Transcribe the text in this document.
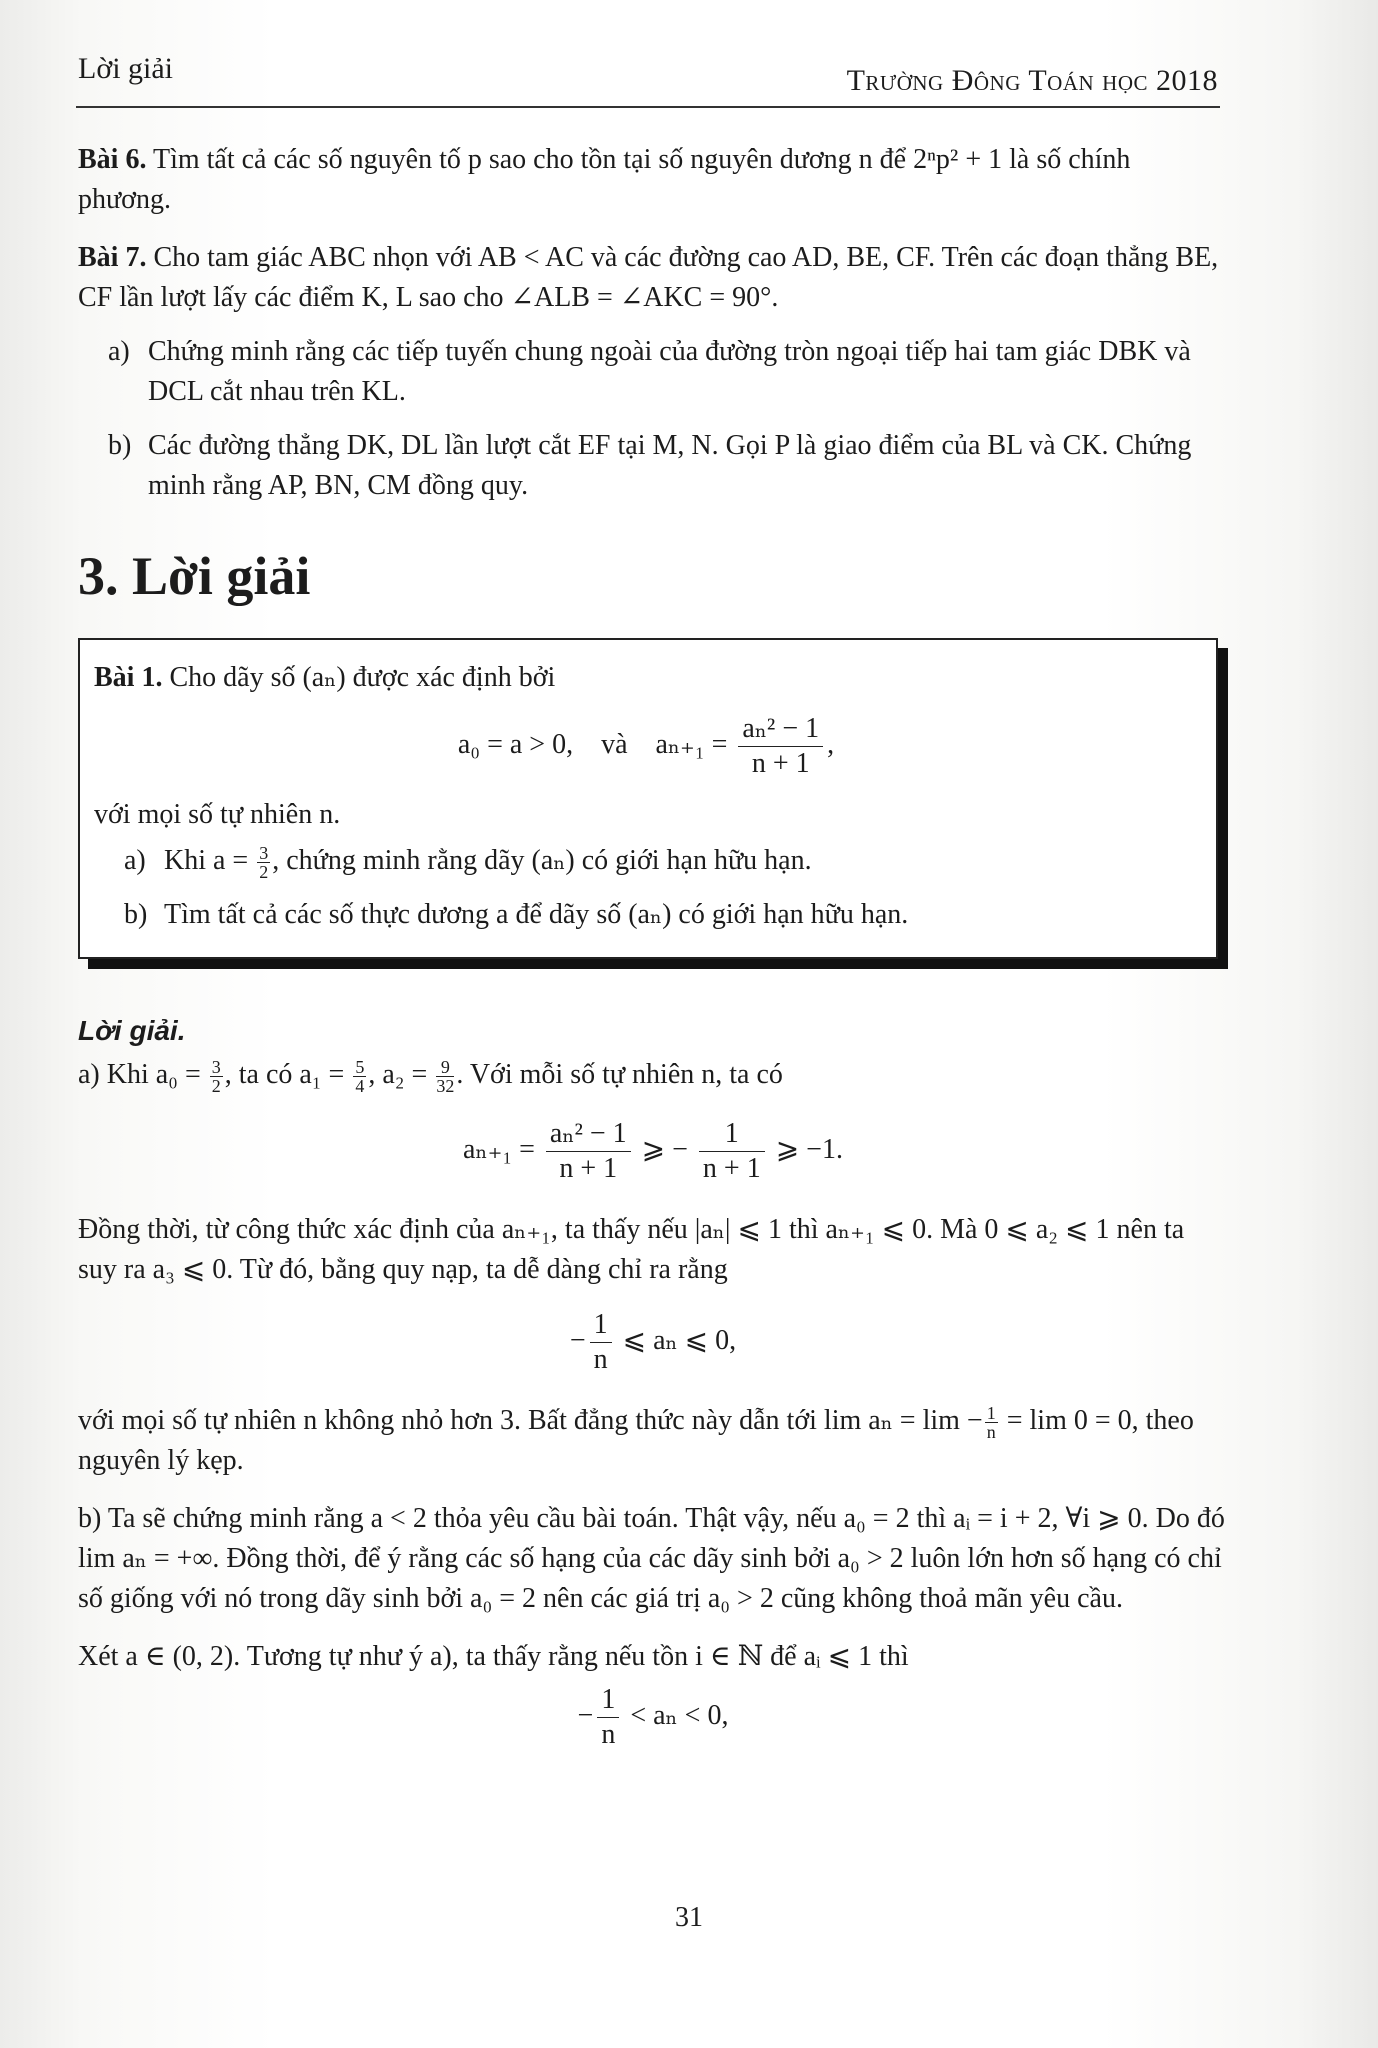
Lời giải	Trường Đông Toán học 2018

Bài 6. Tìm tất cả các số nguyên tố p sao cho tồn tại số nguyên dương n để 2ⁿp² + 1 là số chính phương.

Bài 7. Cho tam giác ABC nhọn với AB < AC và các đường cao AD, BE, CF. Trên các đoạn thẳng BE, CF lần lượt lấy các điểm K, L sao cho ∠ALB = ∠AKC = 90°.

a) Chứng minh rằng các tiếp tuyến chung ngoài của đường tròn ngoại tiếp hai tam giác DBK và DCL cắt nhau trên KL.
b) Các đường thẳng DK, DL lần lượt cắt EF tại M, N. Gọi P là giao điểm của BL và CK. Chứng minh rằng AP, BN, CM đồng quy.
3. Lời giải

Bài 1. Cho dãy số (aₙ) được xác định bởi

a₀ = a > 0, và $a_{n+1} = \frac{\text{aₙ² − 1}}{n + 1}$ ,

với mọi số tự nhiên n.

a) Khi $a = \frac{3}{2}$ , chứng minh rằng dãy (aₙ) có giới hạn hữu hạn.
b) Tìm tất cả các số thực dương a để dãy số (aₙ) có giới hạn hữu hạn.
Lời giải.

a) Khi $a_0 = \frac{3}{2}$ , ta có $a_1 = \frac{5}{4}$ , $a_2 = \frac{9}{32}$ . Với mỗi số tự nhiên n, ta có

$a_{n+1} = \frac{\text{aₙ² − 1}}{n + 1}$ ⩾ − $\frac{1}{n + 1}$ ⩾ −1.

Đồng thời, từ công thức xác định của aₙ₊₁, ta thấy nếu |aₙ| ⩽ 1 thì aₙ₊₁ ⩽ 0. Mà 0 ⩽ a₂ ⩽ 1 nên ta suy ra a₃ ⩽ 0. Từ đó, bằng quy nạp, ta dễ dàng chỉ ra rằng

− $\frac{1}{n}$ ⩽ aₙ ⩽ 0,

với mọi số tự nhiên n không nhỏ hơn 3. Bất đẳng thức này dẫn tới $\lim a_n = \lim - \frac{1}{n} = \lim 0 = 0$, theo nguyên lý kẹp.

b) Ta sẽ chứng minh rằng a < 2 thỏa yêu cầu bài toán. Thật vậy, nếu a₀ = 2 thì aᵢ = i + 2, ∀i ⩾ 0. Do đó lim aₙ = +∞. Đồng thời, để ý rằng các số hạng của các dãy sinh bởi a₀ > 2 luôn lớn hơn số hạng có chỉ số giống với nó trong dãy sinh bởi a₀ = 2 nên các giá trị a₀ > 2 cũng không thoả mãn yêu cầu.

Xét a ∈ (0, 2). Tương tự như ý a), ta thấy rằng nếu tồn i ∈ ℕ để aᵢ ⩽ 1 thì

− $\frac{1}{n} < a_n < 0$,
31
